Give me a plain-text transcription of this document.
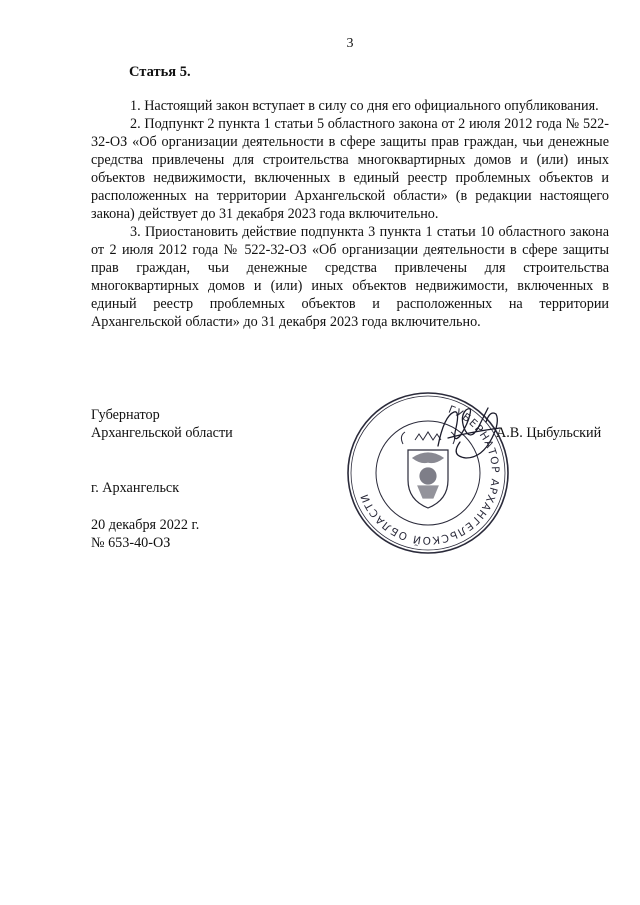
3
Статья 5.

1. Настоящий закон вступает в силу со дня его официального опубликования.

2. Подпункт 2 пункта 1 статьи 5 областного закона от 2 июля 2012 года № 522-32-ОЗ «Об организации деятельности в сфере защиты прав граждан, чьи денежные средства привлечены для строительства многоквартирных домов и (или) иных объектов недвижимости, включенных в единый реестр проблемных объектов и расположенных на территории Архангельской области» (в редакции настоящего закона) действует до 31 декабря 2023 года включительно.

3. Приостановить действие подпункта 3 пункта 1 статьи 10 областного закона от 2 июля 2012 года № 522-32-ОЗ «Об организации деятельности в сфере защиты прав граждан, чьи денежные средства привлечены для строительства многоквартирных домов и (или) иных объектов недвижимости, включенных в единый реестр проблемных объектов и расположенных на территории Архангельской области» до 31 декабря 2023 года включительно.

ГУБЕРНАТОР АРХАНГЕЛЬСКОЙ ОБЛАСТИ
Губернатор
Архангельской области	А.В. Цыбульский
г. Архангельск
20 декабря 2022 г.
№ 653-40-ОЗ
